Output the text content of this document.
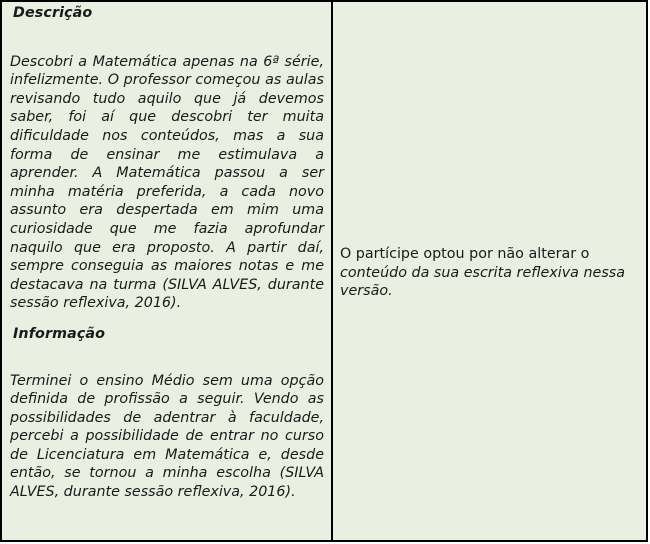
Descrição

Descobri a Matemática apenas na 6ª série, infelizmente. O professor começou as aulas revisando tudo aquilo que já devemos saber, foi aí que descobri ter muita dificuldade nos conteúdos, mas a sua forma de ensinar me estimulava a aprender. A Matemática passou a ser minha matéria preferida, a cada novo assunto era despertada em mim uma curiosidade que me fazia aprofundar naquilo que era proposto. A partir daí, sempre conseguia as maiores notas e me destacava na turma (SILVA ALVES, durante sessão reflexiva, 2016).

Informação

Terminei o ensino Médio sem uma opção definida de profissão a seguir. Vendo as possibilidades de adentrar à faculdade, percebi a possibilidade de entrar no curso de Licenciatura em Matemática e, desde então, se tornou a minha escolha (SILVA ALVES, durante sessão reflexiva, 2016).

O partícipe optou por não alterar o conteúdo da sua escrita reflexiva nessa versão.
